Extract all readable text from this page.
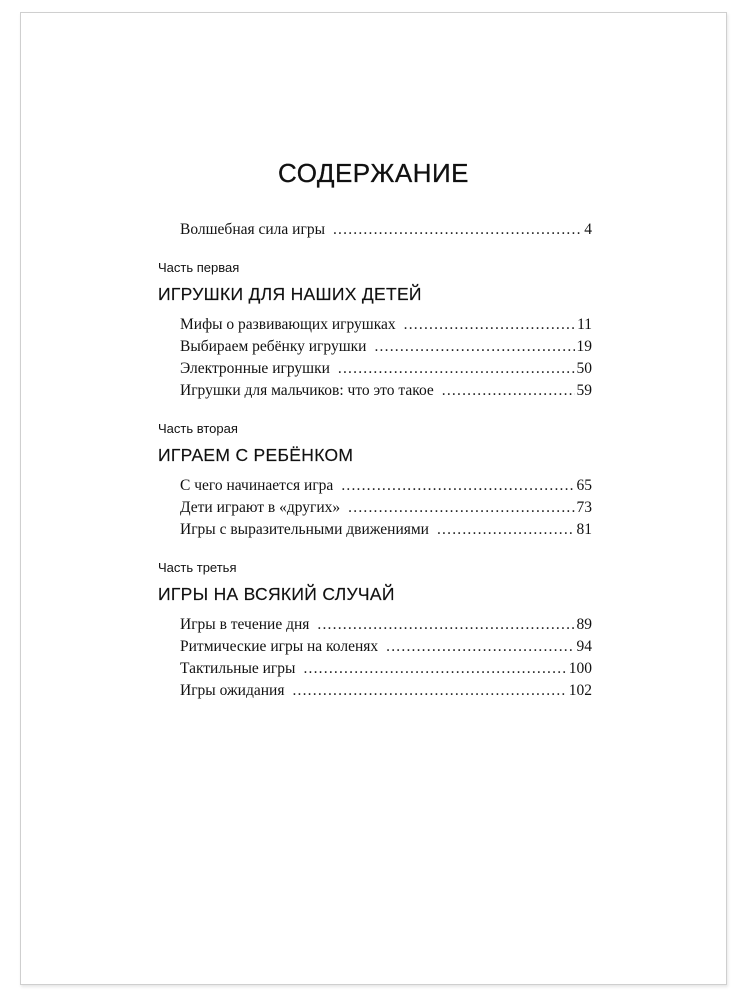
СОДЕРЖАНИЕ
Волшебная сила игры .....	4
Часть первая
ИГРУШКИ ДЛЯ НАШИХ ДЕТЕЙ
Мифы о развивающих игрушках .....	11
Выбираем ребёнку игрушки .....	19
Электронные игрушки .....	50
Игрушки для мальчиков: что это такое .....	59
Часть вторая
ИГРАЕМ С РЕБЁНКОМ
С чего начинается игра .....	65
Дети играют в «других» .....	73
Игры с выразительными движениями .....	81
Часть третья
ИГРЫ НА ВСЯКИЙ СЛУЧАЙ
Игры в течение дня .....	89
Ритмические игры на коленях .....	94
Тактильные игры .....	100
Игры ожидания .....	102
